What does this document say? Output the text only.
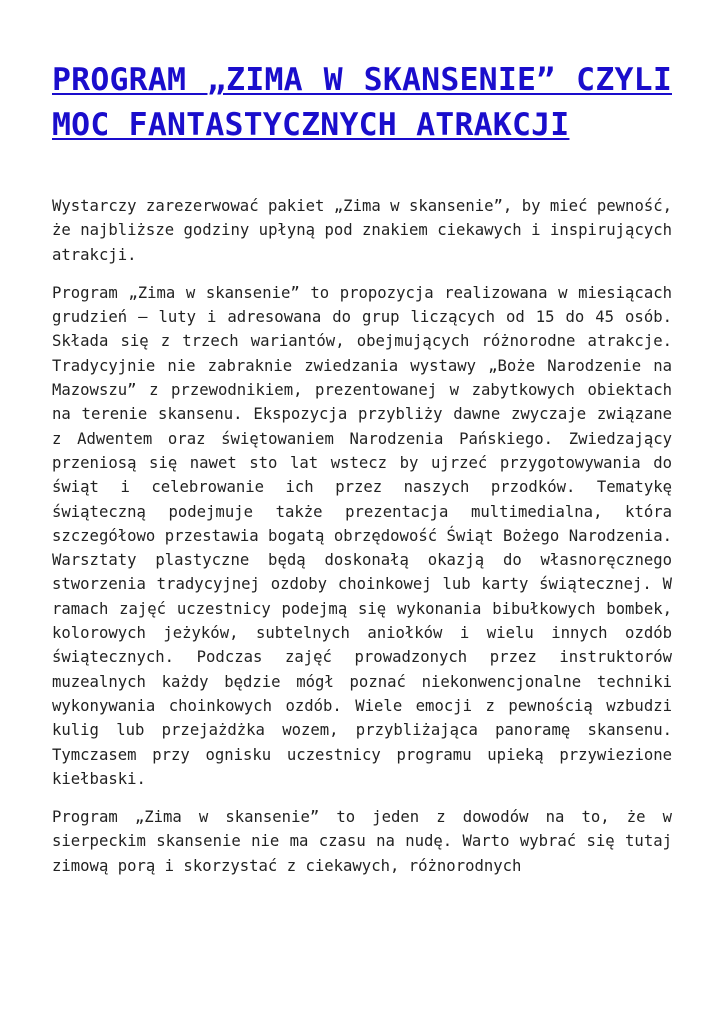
PROGRAM „ZIMA W SKANSENIE” CZYLI MOC FANTASTYCZNYCH ATRAKCJI

Wystarczy zarezerwować pakiet „Zima w skansenie”, by mieć pewność, że najbliższe godziny upłyną pod znakiem ciekawych i inspirujących atrakcji.

Program „Zima w skansenie” to propozycja realizowana w miesiącach grudzień – luty i adresowana do grup liczących od 15 do 45 osób. Składa się z trzech wariantów, obejmujących różnorodne atrakcje. Tradycyjnie nie zabraknie zwiedzania wystawy „Boże Narodzenie na Mazowszu” z przewodnikiem, prezentowanej w zabytkowych obiektach na terenie skansenu. Ekspozycja przybliży dawne zwyczaje związane z Adwentem oraz świętowaniem Narodzenia Pańskiego. Zwiedzający przeniosą się nawet sto lat wstecz by ujrzeć przygotowywania do świąt i celebrowanie ich przez naszych przodków. Tematykę świąteczną podejmuje także prezentacja multimedialna, która szczegółowo przestawia bogatą obrzędowość Świąt Bożego Narodzenia. Warsztaty plastyczne będą doskonałą okazją do własnoręcznego stworzenia tradycyjnej ozdoby choinkowej lub karty świątecznej. W ramach zajęć uczestnicy podejmą się wykonania bibułkowych bombek, kolorowych jeżyków, subtelnych aniołków i wielu innych ozdób świątecznych. Podczas zajęć prowadzonych przez instruktorów muzealnych każdy będzie mógł poznać niekonwencjonalne techniki wykonywania choinkowych ozdób. Wiele emocji z pewnością wzbudzi kulig lub przejażdżka wozem, przybliżająca panoramę skansenu. Tymczasem przy ognisku uczestnicy programu upieką przywiezione kiełbaski.

Program „Zima w skansenie” to jeden z dowodów na to, że w sierpeckim skansenie nie ma czasu na nudę. Warto wybrać się tutaj zimową porą i skorzystać z ciekawych, różnorodnych
